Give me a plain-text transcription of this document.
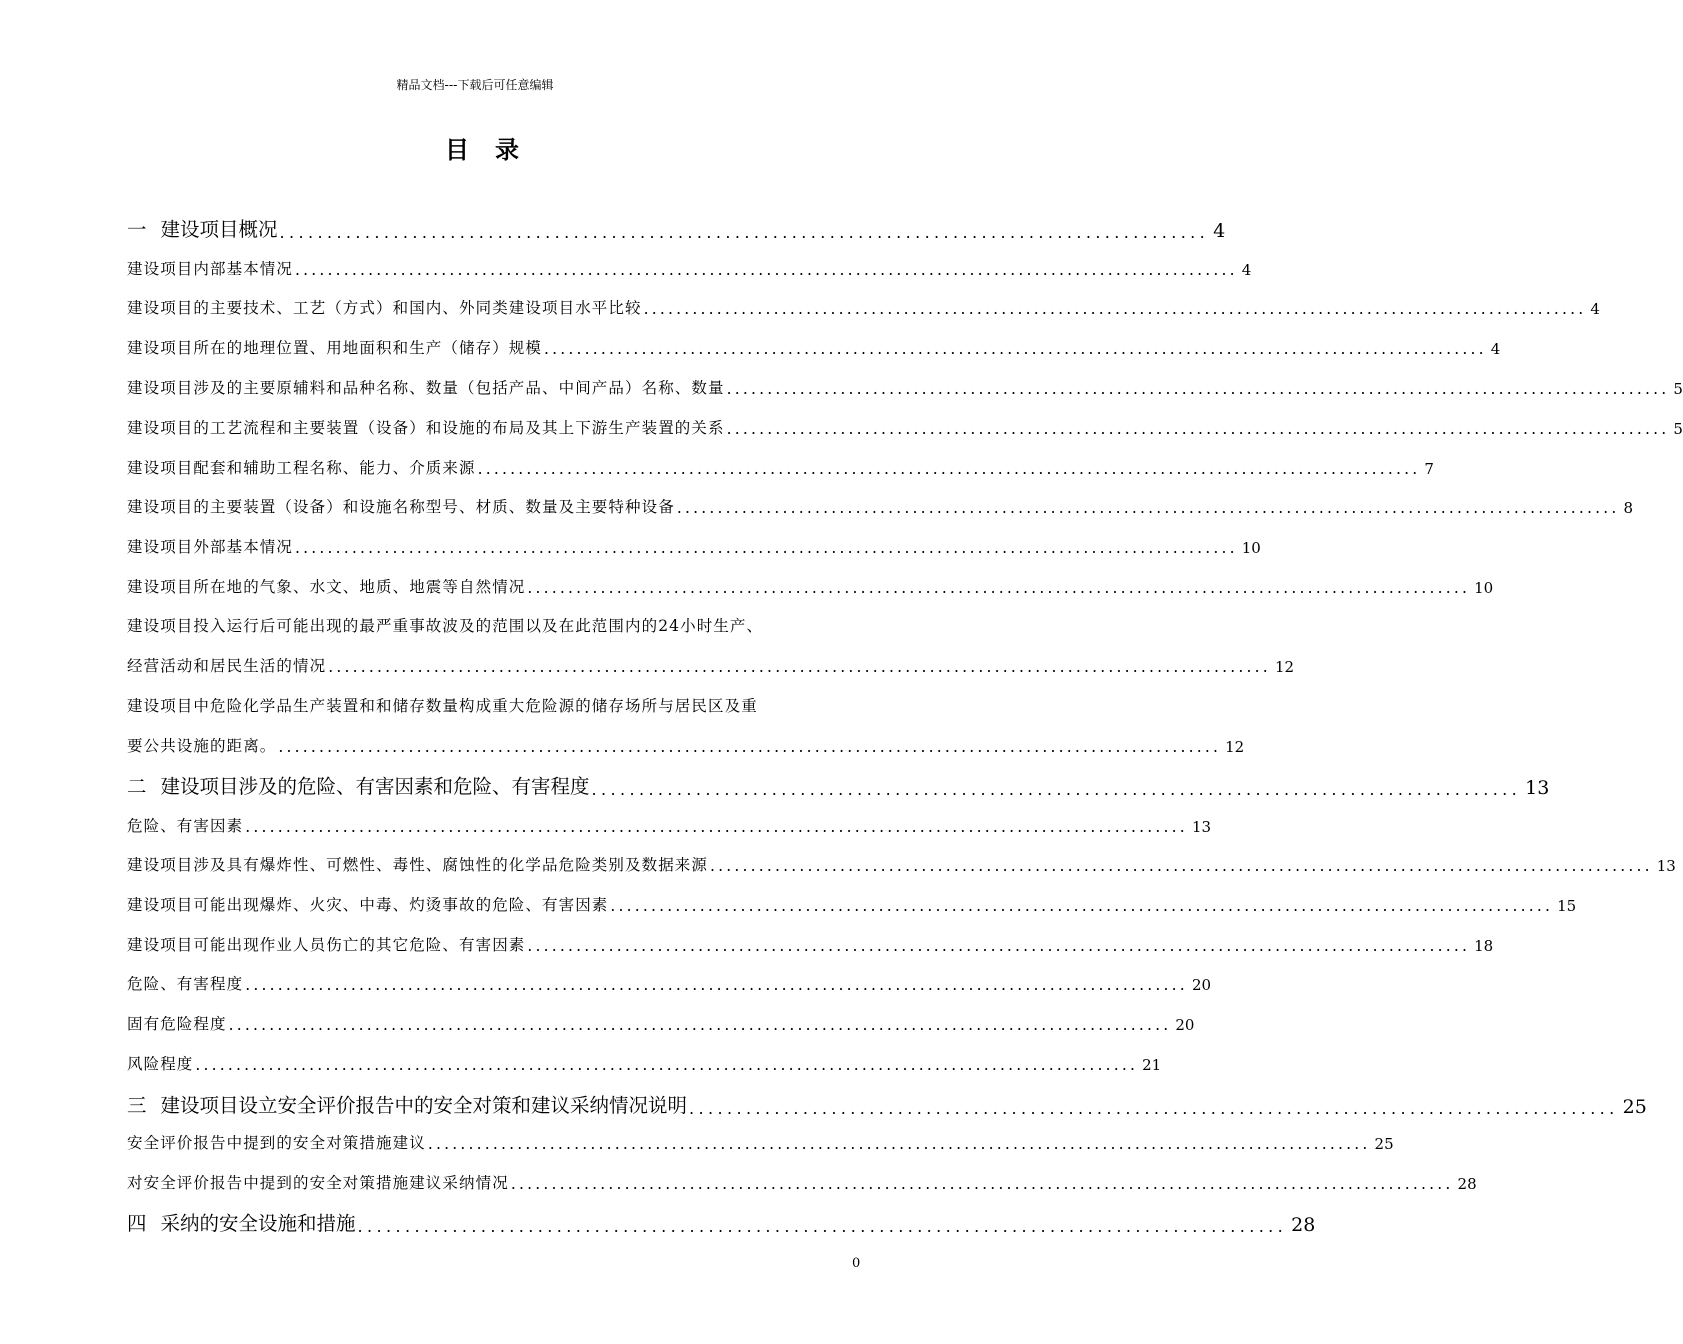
精品文档---下载后可任意编辑
目录
一 建设项目概况 .................................................................................................. 4
建设项目内部基本情况 .................................................................................................................... 4
建设项目的主要技术、工艺（方式）和国内、外同类建设项目水平比较 .................................................................................................................... 4
建设项目所在的地理位置、用地面积和生产（储存）规模 .................................................................................................................... 4
建设项目涉及的主要原辅料和品种名称、数量（包括产品、中间产品）名称、数量 .................................................................................................................... 5
建设项目的工艺流程和主要装置（设备）和设施的布局及其上下游生产装置的关系 .................................................................................................................... 5
建设项目配套和辅助工程名称、能力、介质来源 .................................................................................................................... 7
建设项目的主要装置（设备）和设施名称型号、材质、数量及主要特种设备 .................................................................................................................... 8
建设项目外部基本情况 .................................................................................................................... 10
建设项目所在地的气象、水文、地质、地震等自然情况 .................................................................................................................... 10
建设项目投入运行后可能出现的最严重事故波及的范围以及在此范围内的24小时生产、
经营活动和居民生活的情况 .................................................................................................................... 12
建设项目中危险化学品生产装置和和储存数量构成重大危险源的储存场所与居民区及重
要公共设施的距离。 .................................................................................................................... 12
二 建设项目涉及的危险、有害因素和危险、有害程度 .................................................................................................. 13
危险、有害因素 .................................................................................................................... 13
建设项目涉及具有爆炸性、可燃性、毒性、腐蚀性的化学品危险类别及数据来源 .................................................................................................................... 13
建设项目可能出现爆炸、火灾、中毒、灼烫事故的危险、有害因素 .................................................................................................................... 15
建设项目可能出现作业人员伤亡的其它危险、有害因素 .................................................................................................................... 18
危险、有害程度 .................................................................................................................... 20
固有危险程度 .................................................................................................................... 20
风险程度 .................................................................................................................... 21
三 建设项目设立安全评价报告中的安全对策和建议采纳情况说明 .................................................................................................. 25
安全评价报告中提到的安全对策措施建议 .................................................................................................................... 25
对安全评价报告中提到的安全对策措施建议采纳情况 .................................................................................................................... 28
四 采纳的安全设施和措施 .................................................................................................. 28
0
